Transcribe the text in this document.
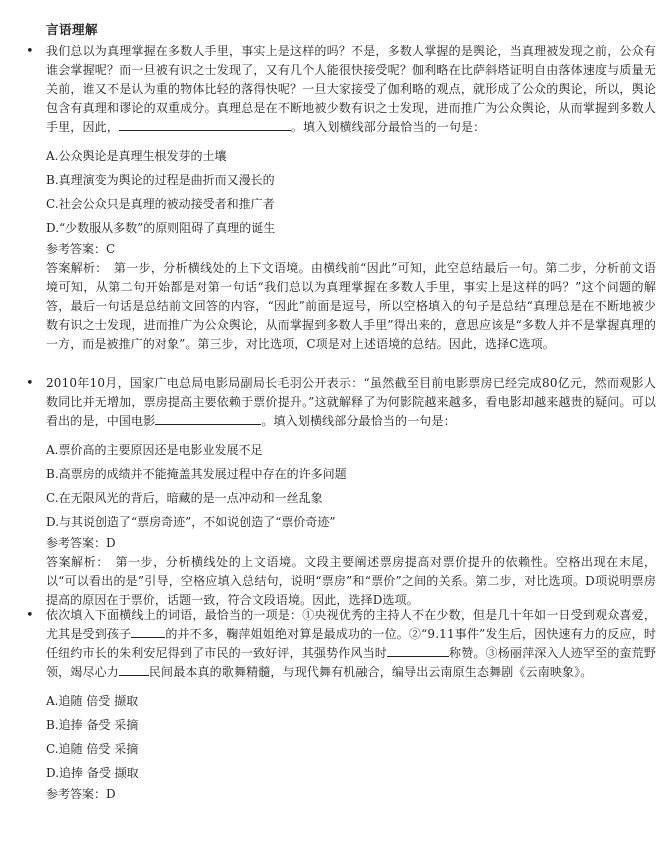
言语理解
• 我们总以为真理掌握在多数人手里，事实上是这样的吗？不是，多数人掌握的是舆论，当真理被发现之前，公众有谁会掌握呢？而一旦被有识之士发现了，又有几个人能很快接受呢？伽利略在比萨斜塔证明自由落体速度与质量无关前，谁又不是认为重的物体比轻的落得快呢？一旦大家接受了伽利略的观点，就形成了公众的舆论，所以，舆论包含有真理和谬论的双重成分。真理总是在不断地被少数有识之士发现，进而推广为公众舆论，从而掌握到多数人手里，因此，	。填入划横线部分最恰当的一句是：
A.公众舆论是真理生根发芽的土壤
B.真理演变为舆论的过程是曲折而又漫长的
C.社会公众只是真理的被动接受者和推广者
D.“少数服从多数”的原则阻碍了真理的诞生
参考答案：C
答案解析：　第一步，分析横线处的上下文语境。由横线前“因此”可知，此空总结最后一句。第二步，分析前文语境可知，从第二句开始都是对第一句话“我们总以为真理掌握在多数人手里，事实上是这样的吗？”这个问题的解答，最后一句话是总结前文回答的内容，“因此”前面是逗号，所以空格填入的句子是总结“真理总是在不断地被少数有识之士发现，进而推广为公众舆论，从而掌握到多数人手里”得出来的，意思应该是“多数人并不是掌握真理的一方，而是被推广的对象”。第三步，对比选项，C项是对上述语境的总结。因此，选择C选项。
• 2010年10月，国家广电总局电影局副局长毛羽公开表示：“虽然截至目前电影票房已经完成80亿元，然而观影人数同比并无增加，票房提高主要依赖于票价提升。”这就解释了为何影院越来越多，看电影却越来越贵的疑问。可以看出的是，中国电影	。填入划横线部分最恰当的一句是：
A.票价高的主要原因还是电影业发展不足
B.高票房的成绩并不能掩盖其发展过程中存在的许多问题
C.在无限风光的背后，暗藏的是一点冲动和一丝乱象
D.与其说创造了“票房奇迹”，不如说创造了“票价奇迹”
参考答案：D
答案解析：　第一步，分析横线处的上文语境。文段主要阐述票房提高对票价提升的依赖性。空格出现在末尾，以“可以看出的是”引导，空格应填入总结句，说明“票房”和“票价”之间的关系。第二步，对比选项。D项说明票房提高的原因在于票价，话题一致，符合文段语境。因此，选择D选项。
• 依次填入下面横线上的词语，最恰当的一项是：①央视优秀的主持人不在少数，但是几十年如一日受到观众喜爱，尤其是受到孩子	的并不多，鞠萍姐姐绝对算是最成功的一位。②“9.11事件”发生后，因快速有力的反应，时任纽约市长的朱利安尼得到了市民的一致好评，其强势作风当时	称赞。③杨丽萍深入人迹罕至的蛮荒野领，竭尽心力	民间最本真的歌舞精髓，与现代舞有机融合，编导出云南原生态舞剧《云南映象》。
A.追随 倍受 撷取
B.追捧 备受 采摘
C.追随 倍受 采摘
D.追捧 备受 撷取
参考答案：D
